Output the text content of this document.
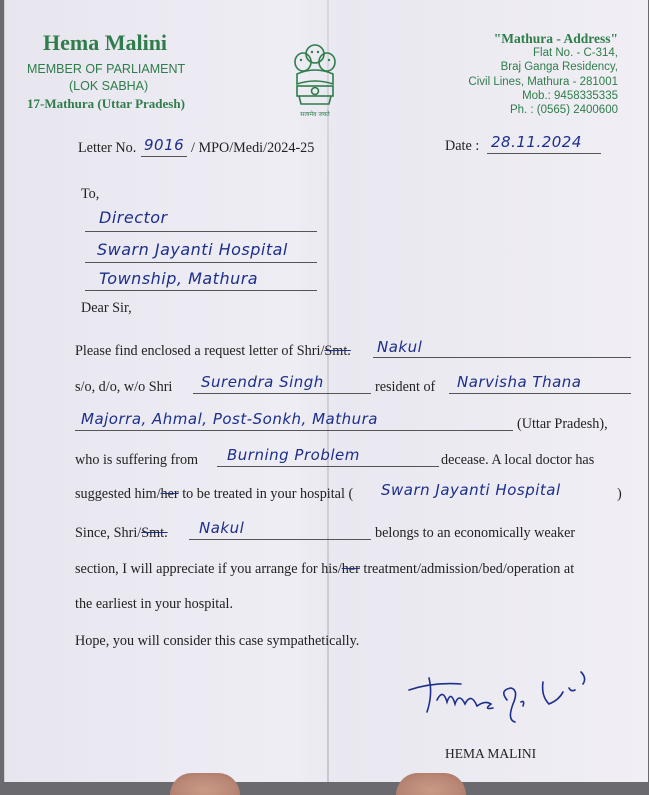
Hema Malini
MEMBER OF PARLIAMENT
(LOK SABHA)
17-Mathura (Uttar Pradesh)
सत्यमेव जयते
"Mathura - Address"
Flat No. - C-314,
Braj Ganga Residency,
Civil Lines, Mathura - 281001
Mob.: 9458335335
Ph. : (0565) 2400600
Letter No. 9016 / MPO/Medi/2024-25	Date : 28.11.2024
To,
Director
Swarn Jayanti Hospital
Township, Mathura
Dear Sir,
Please find enclosed a request letter of Shri/Smt. Nakul
s/o, d/o, w/o Shri Surendra Singh	resident of Narvisha Thana
Majorra, Ahmal, Post-Sonkh, Mathura	(Uttar Pradesh),
who is suffering from Burning Problem	decease. A local doctor has
suggested him/her to be treated in your hospital ( Swarn Jayanti Hospital	)
Since, Shri/Smt. Nakul	belongs to an economically weaker
section, I will appreciate if you arrange for his/her treatment/admission/bed/operation at
the earliest in your hospital.
Hope, you will consider this case sympathetically.
HEMA MALINI
